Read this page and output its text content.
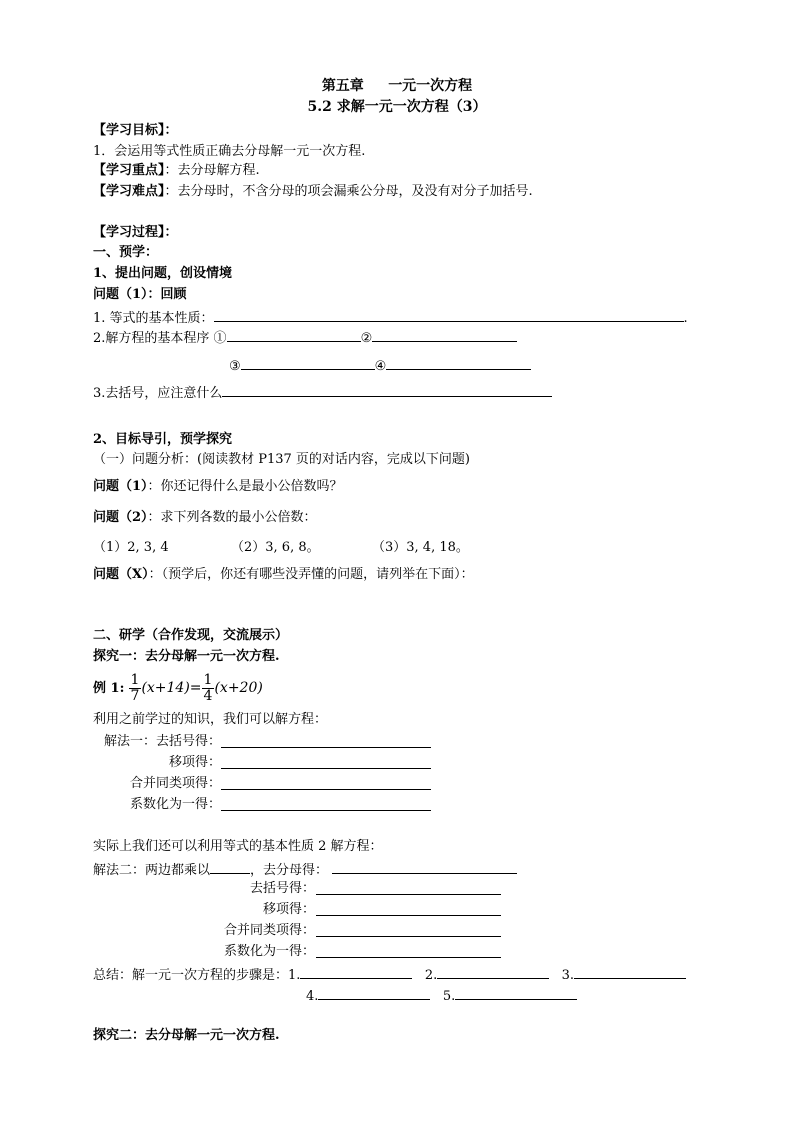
第五章 一元一次方程
5.2 求解一元一次方程（3）
【学习目标】：
1．会运用等式性质正确去分母解一元一次方程.
【学习重点】：去分母解方程.
【学习难点】：去分母时，不含分母的项会漏乘公分母，及没有对分子加括号.
【学习过程】：
一、预学：
1、提出问题，创设情境
问题（1）：回顾
1. 等式的基本性质：	.
2.解方程的基本程序 ①	②
③	④
3.去括号，应注意什么
2、目标导引，预学探究
（一）问题分析：(阅读教材 P137 页的对话内容，完成以下问题)
问题（1）：你还记得什么是最小公倍数吗？
问题（2）：求下列各数的最小公倍数：
（1）2, 3, 4	（2）3, 6, 8。	（3）3, 4, 18。
问题（X）：（预学后，你还有哪些没弄懂的问题，请列举在下面）：
二、研学（合作发现，交流展示）
探究一：去分母解一元一次方程.
例 1: $\frac{1}{7} (x+14)= \frac{1}{4} (x+20)$
利用之前学过的知识，我们可以解方程：
解法一：去括号得：
移项得：
合并同类项得：
系数化为一得：
实际上我们还可以利用等式的基本性质 2 解方程：
解法二：两边都乘以	，去分母得：
去括号得：
移项得：
合并同类项得：
系数化为一得：
总结：解一元一次方程的步骤是：1.	2.	3.
4.	5.
探究二：去分母解一元一次方程.
